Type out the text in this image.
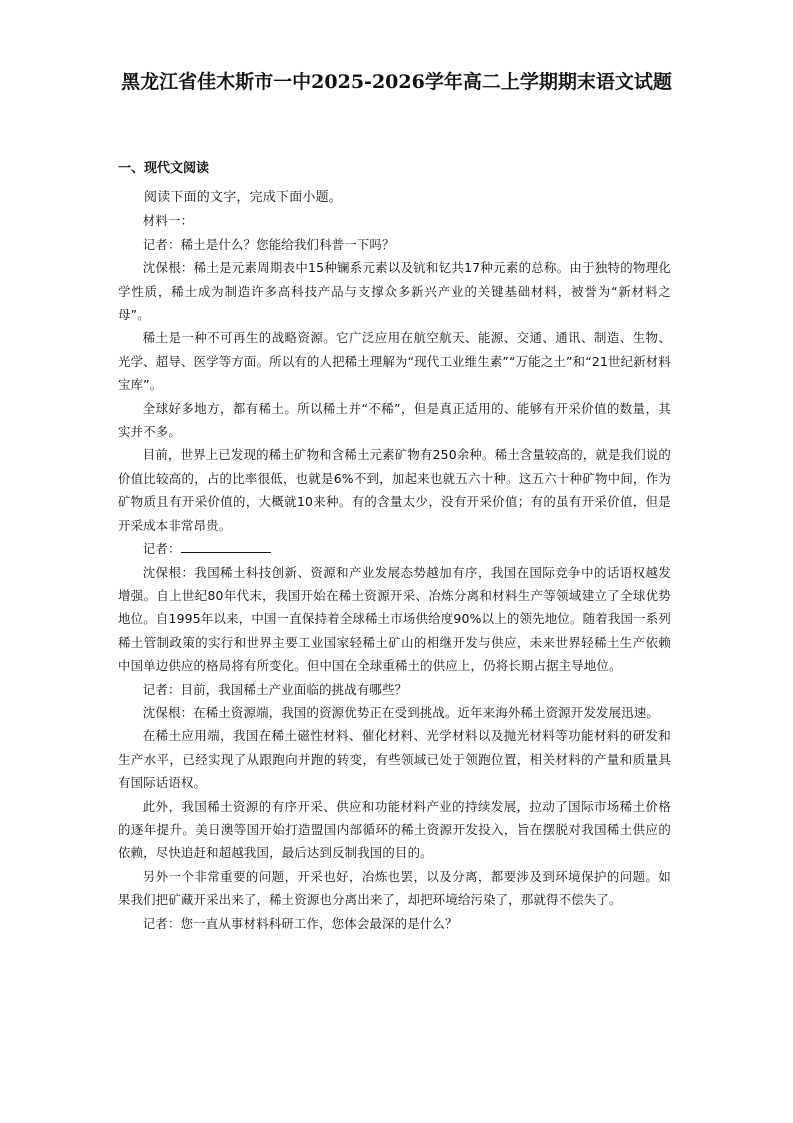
黑龙江省佳木斯市一中2025-2026学年高二上学期期末语文试题
一、现代文阅读

阅读下面的文字，完成下面小题。

材料一：

记者：稀土是什么？您能给我们科普一下吗？

沈保根：稀土是元素周期表中15种镧系元素以及钪和钇共17种元素的总称。由于独特的物理化学性质，稀土成为制造许多高科技产品与支撑众多新兴产业的关键基础材料，被誉为“新材料之母”。

稀土是一种不可再生的战略资源。它广泛应用在航空航天、能源、交通、通讯、制造、生物、光学、超导、医学等方面。所以有的人把稀土理解为“现代工业维生素”“万能之土”和“21世纪新材料宝库”。

全球好多地方，都有稀土。所以稀土并“不稀”，但是真正适用的、能够有开采价值的数量，其实并不多。

目前，世界上已发现的稀土矿物和含稀土元素矿物有250余种。稀土含量较高的，就是我们说的价值比较高的，占的比率很低，也就是6%不到，加起来也就五六十种。这五六十种矿物中间，作为矿物质且有开采价值的，大概就10来种。有的含量太少，没有开采价值；有的虽有开采价值，但是开采成本非常昂贵。

记者：

沈保根：我国稀土科技创新、资源和产业发展态势越加有序，我国在国际竞争中的话语权越发增强。自上世纪80年代末，我国开始在稀土资源开采、冶炼分离和材料生产等领域建立了全球优势地位。自1995年以来，中国一直保持着全球稀土市场供给度90%以上的领先地位。随着我国一系列稀土管制政策的实行和世界主要工业国家轻稀土矿山的相继开发与供应，未来世界轻稀土生产依赖中国单边供应的格局将有所变化。但中国在全球重稀土的供应上，仍将长期占据主导地位。

记者：目前，我国稀土产业面临的挑战有哪些？

沈保根：在稀土资源端，我国的资源优势正在受到挑战。近年来海外稀土资源开发发展迅速。

在稀土应用端，我国在稀土磁性材料、催化材料、光学材料以及抛光材料等功能材料的研发和生产水平，已经实现了从跟跑向并跑的转变，有些领域已处于领跑位置，相关材料的产量和质量具有国际话语权。

此外，我国稀土资源的有序开采、供应和功能材料产业的持续发展，拉动了国际市场稀土价格的逐年提升。美日澳等国开始打造盟国内部循环的稀土资源开发投入，旨在摆脱对我国稀土供应的依赖，尽快追赶和超越我国，最后达到反制我国的目的。

另外一个非常重要的问题，开采也好，冶炼也罢，以及分离，都要涉及到环境保护的问题。如果我们把矿藏开采出来了，稀土资源也分离出来了，却把环境给污染了，那就得不偿失了。

记者：您一直从事材料科研工作，您体会最深的是什么？
